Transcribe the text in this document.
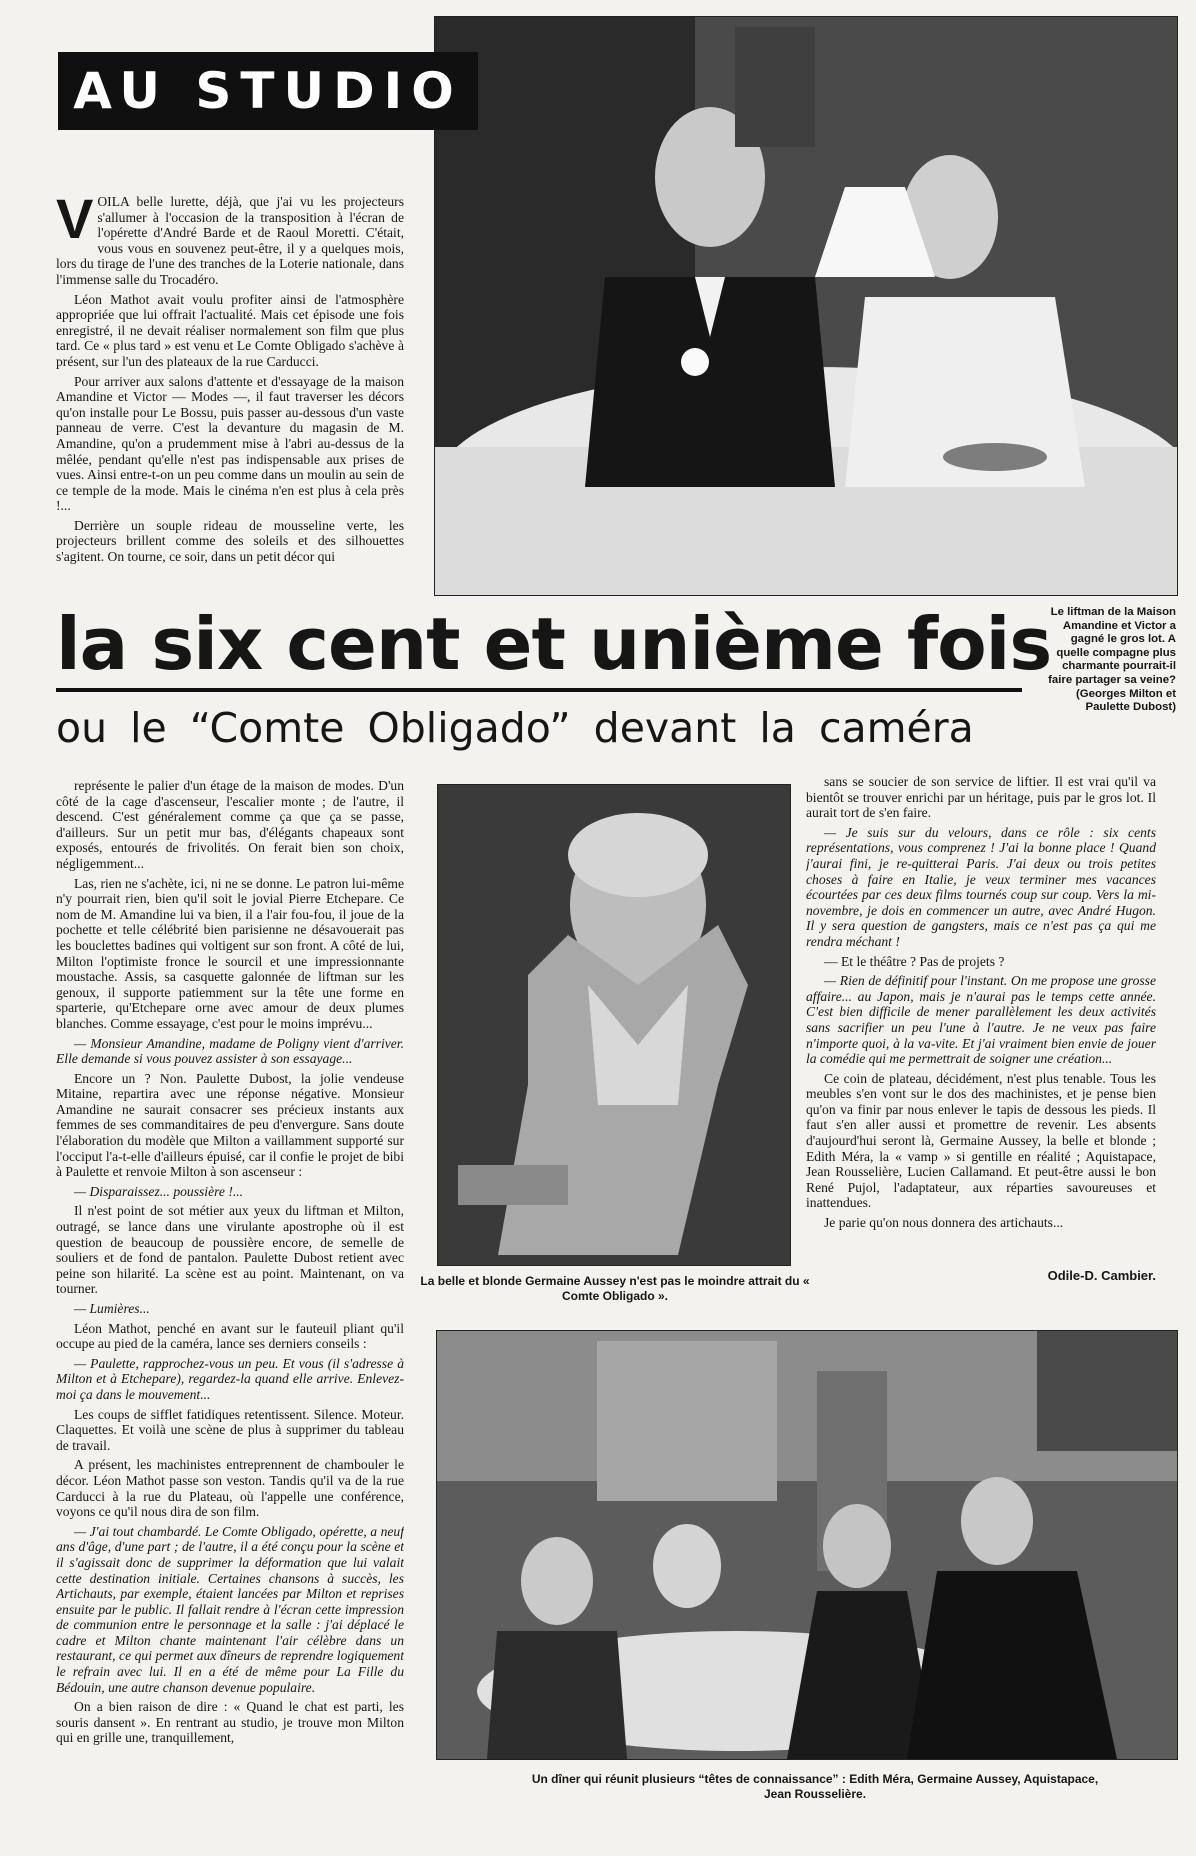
AU STUDIO

VOILA belle lurette, déjà, que j'ai vu les projecteurs s'allumer à l'occasion de la transposition à l'écran de l'opérette d'André Barde et de Raoul Moretti. C'était, vous vous en souvenez peut-être, il y a quelques mois, lors du tirage de l'une des tranches de la Loterie nationale, dans l'immense salle du Trocadéro.

Léon Mathot avait voulu profiter ainsi de l'atmosphère appropriée que lui offrait l'actualité. Mais cet épisode une fois enregistré, il ne devait réaliser normalement son film que plus tard. Ce « plus tard » est venu et Le Comte Obligado s'achève à présent, sur l'un des plateaux de la rue Carducci.

Pour arriver aux salons d'attente et d'essayage de la maison Amandine et Victor — Modes —, il faut traverser les décors qu'on installe pour Le Bossu, puis passer au-dessous d'un vaste panneau de verre. C'est la devanture du magasin de M. Amandine, qu'on a prudemment mise à l'abri au-dessus de la mêlée, pendant qu'elle n'est pas indispensable aux prises de vues. Ainsi entre-t-on un peu comme dans un moulin au sein de ce temple de la mode. Mais le cinéma n'en est plus à cela près !...

Derrière un souple rideau de mousseline verte, les projecteurs brillent comme des soleils et des silhouettes s'agitent. On tourne, ce soir, dans un petit décor qui

la six cent et unième fois
ou le “Comte Obligado” devant la caméra
Le liftman de la Maison Amandine et Victor a gagné le gros lot. A quelle compagne plus charmante pourrait-il faire partager sa veine? (Georges Milton et Paulette Dubost)

représente le palier d'un étage de la maison de modes. D'un côté de la cage d'ascenseur, l'escalier monte ; de l'autre, il descend. C'est généralement comme ça que ça se passe, d'ailleurs. Sur un petit mur bas, d'élégants chapeaux sont exposés, entourés de frivolités. On ferait bien son choix, négligemment...

Las, rien ne s'achète, ici, ni ne se donne. Le patron lui-même n'y pourrait rien, bien qu'il soit le jovial Pierre Etchepare. Ce nom de M. Amandine lui va bien, il a l'air fou-fou, il joue de la pochette et telle célébrité bien parisienne ne désavouerait pas les bouclettes badines qui voltigent sur son front. A côté de lui, Milton l'optimiste fronce le sourcil et une impressionnante moustache. Assis, sa casquette galonnée de liftman sur les genoux, il supporte patiemment sur la tête une forme en sparterie, qu'Etchepare orne avec amour de deux plumes blanches. Comme essayage, c'est pour le moins imprévu...

— Monsieur Amandine, madame de Poligny vient d'arriver. Elle demande si vous pouvez assister à son essayage...

Encore un ? Non. Paulette Dubost, la jolie vendeuse Mitaine, repartira avec une réponse négative. Monsieur Amandine ne saurait consacrer ses précieux instants aux femmes de ses commanditaires de peu d'envergure. Sans doute l'élaboration du modèle que Milton a vaillamment supporté sur l'occiput l'a-t-elle d'ailleurs épuisé, car il confie le projet de bibi à Paulette et renvoie Milton à son ascenseur :

— Disparaissez... poussière !...

Il n'est point de sot métier aux yeux du liftman et Milton, outragé, se lance dans une virulante apostrophe où il est question de beaucoup de poussière encore, de semelle de souliers et de fond de pantalon. Paulette Dubost retient avec peine son hilarité. La scène est au point. Maintenant, on va tourner.

— Lumières...

Léon Mathot, penché en avant sur le fauteuil pliant qu'il occupe au pied de la caméra, lance ses derniers conseils :

— Paulette, rapprochez-vous un peu. Et vous (il s'adresse à Milton et à Etchepare), regardez-la quand elle arrive. Enlevez-moi ça dans le mouvement...

Les coups de sifflet fatidiques retentissent. Silence. Moteur. Claquettes. Et voilà une scène de plus à supprimer du tableau de travail.

A présent, les machinistes entreprennent de chambouler le décor. Léon Mathot passe son veston. Tandis qu'il va de la rue Carducci à la rue du Plateau, où l'appelle une conférence, voyons ce qu'il nous dira de son film.

— J'ai tout chambardé. Le Comte Obligado, opérette, a neuf ans d'âge, d'une part ; de l'autre, il a été conçu pour la scène et il s'agissait donc de supprimer la déformation que lui valait cette destination initiale. Certaines chansons à succès, les Artichauts, par exemple, étaient lancées par Milton et reprises ensuite par le public. Il fallait rendre à l'écran cette impression de communion entre le personnage et la salle : j'ai déplacé le cadre et Milton chante maintenant l'air célèbre dans un restaurant, ce qui permet aux dîneurs de reprendre logiquement le refrain avec lui. Il en a été de même pour La Fille du Bédouin, une autre chanson devenue populaire.

On a bien raison de dire : « Quand le chat est parti, les souris dansent ». En rentrant au studio, je trouve mon Milton qui en grille une, tranquillement,

La belle et blonde Germaine Aussey n'est pas le moindre attrait du « Comte Obligado ».

sans se soucier de son service de liftier. Il est vrai qu'il va bientôt se trouver enrichi par un héritage, puis par le gros lot. Il aurait tort de s'en faire.

— Je suis sur du velours, dans ce rôle : six cents représentations, vous comprenez ! J'ai la bonne place ! Quand j'aurai fini, je re-quitterai Paris. J'ai deux ou trois petites choses à faire en Italie, je veux terminer mes vacances écourtées par ces deux films tournés coup sur coup. Vers la mi-novembre, je dois en commencer un autre, avec André Hugon. Il y sera question de gangsters, mais ce n'est pas ça qui me rendra méchant !

— Et le théâtre ? Pas de projets ?

— Rien de définitif pour l'instant. On me propose une grosse affaire... au Japon, mais je n'aurai pas le temps cette année. C'est bien difficile de mener parallèlement les deux activités sans sacrifier un peu l'une à l'autre. Je ne veux pas faire n'importe quoi, à la va-vite. Et j'ai vraiment bien envie de jouer la comédie qui me permettrait de soigner une création...

Ce coin de plateau, décidément, n'est plus tenable. Tous les meubles s'en vont sur le dos des machinistes, et je pense bien qu'on va finir par nous enlever le tapis de dessous les pieds. Il faut s'en aller aussi et promettre de revenir. Les absents d'aujourd'hui seront là, Germaine Aussey, la belle et blonde ; Edith Méra, la « vamp » si gentille en réalité ; Aquistapace, Jean Rousselière, Lucien Callamand. Et peut-être aussi le bon René Pujol, l'adaptateur, aux réparties savoureuses et inattendues.

Je parie qu'on nous donnera des artichauts...

Odile-D. Cambier.
Un dîner qui réunit plusieurs “têtes de connaissance” : Edith Méra, Germaine Aussey, Aquistapace, Jean Rousselière.
